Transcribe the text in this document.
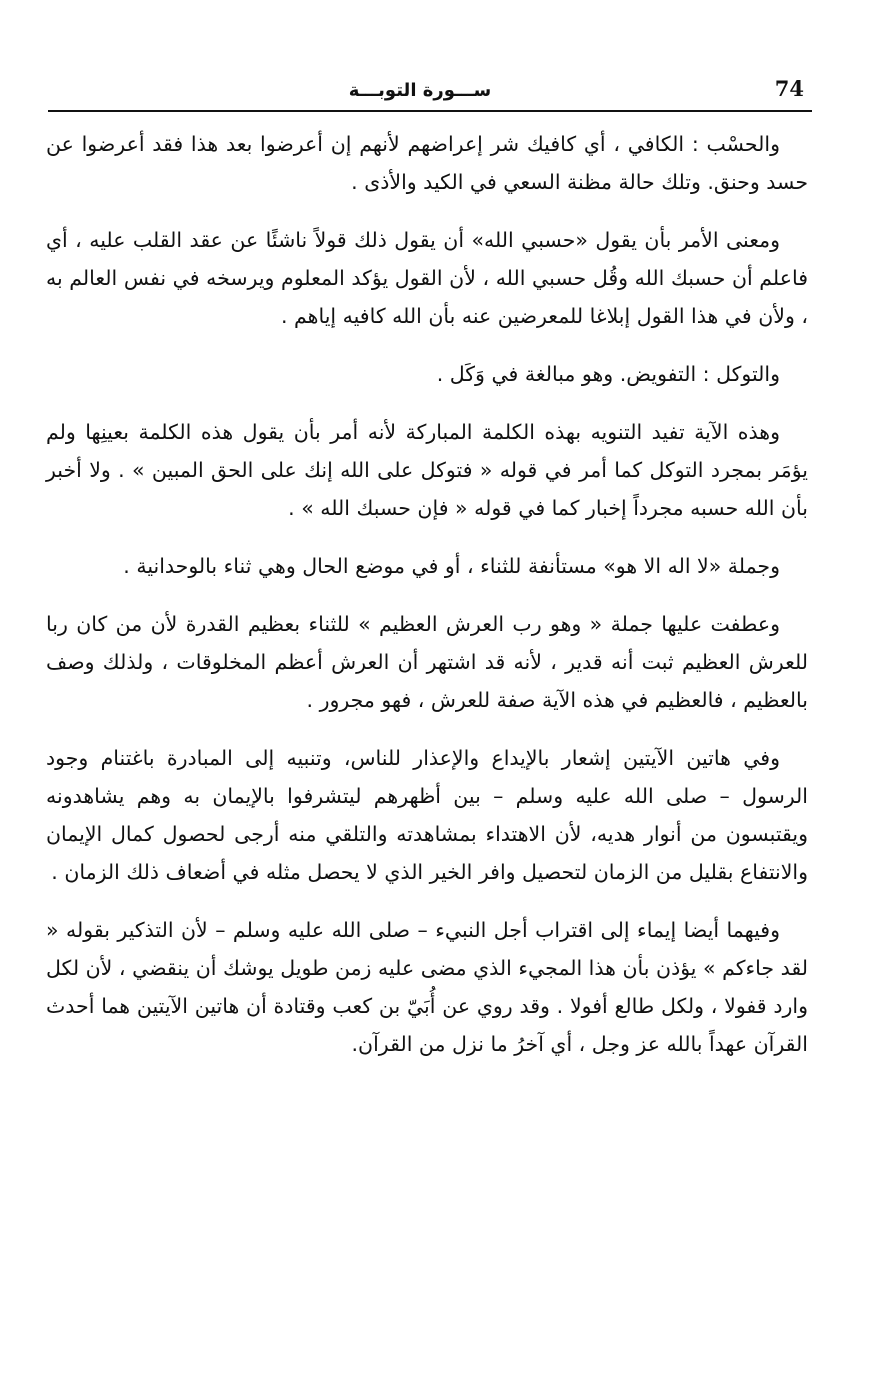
74
ســـورة التوبـــة

والحسْب : الكافي ، أي كافيك شر إعراضهم لأنهم إن أعرضوا بعد هذا فقد أعرضوا عن حسد وحنق. وتلك حالة مظنة السعي في الكيد والأذى .

ومعنى الأمر بأن يقول «حسبي الله» أن يقول ذلك قولاً ناشئًا عن عقد القلب عليه ، أي فاعلم أن حسبك الله وقُل حسبي الله ، لأن القول يؤكد المعلوم ويرسخه في نفس العالم به ، ولأن في هذا القول إبلاغا للمعرضين عنه بأن الله كافيه إياهم .

والتوكل : التفويض. وهو مبالغة في وَكَل .

وهذه الآية تفيد التنويه بهذه الكلمة المباركة لأنه أمر بأن يقول هذه الكلمة بعينِها ولم يؤمَر بمجرد التوكل كما أمر في قوله « فتوكل على الله إنك على الحق المبين » . ولا أخبر بأن الله حسبه مجرداً إخبار كما في قوله « فإن حسبك الله » .

وجملة «لا اله الا هو» مستأنفة للثناء ، أو في موضع الحال وهي ثناء بالوحدانية .

وعطفت عليها جملة « وهو رب العرش العظيم » للثناء بعظيم القدرة لأن من كان ربا للعرش العظيم ثبت أنه قدير ، لأنه قد اشتهر أن العرش أعظم المخلوقات ، ولذلك وصف بالعظيم ، فالعظيم في هذه الآية صفة للعرش ، فهو مجرور .

وفي هاتين الآيتين إشعار بالإيداع والإعذار للناس، وتنبيه إلى المبادرة باغتنام وجود الرسول – صلى الله عليه وسلم – بين أظهرهم ليتشرفوا بالإيمان به وهم يشاهدونه ويقتبسون من أنوار هديه، لأن الاهتداء بمشاهدته والتلقي منه أرجى لحصول كمال الإيمان والانتفاع بقليل من الزمان لتحصيل وافر الخير الذي لا يحصل مثله في أضعاف ذلك الزمان .

وفيهما أيضا إيماء إلى اقتراب أجل النبيء – صلى الله عليه وسلم – لأن التذكير بقوله « لقد جاءكم » يؤذن بأن هذا المجيء الذي مضى عليه زمن طويل يوشك أن ينقضي ، لأن لكل وارد قفولا ، ولكل طالع أفولا . وقد روي عن أُبَيّ بن كعب وقتادة أن هاتين الآيتين هما أحدث القرآن عهداً بالله عز وجل ، أي آخرُ ما نزل من القرآن.
